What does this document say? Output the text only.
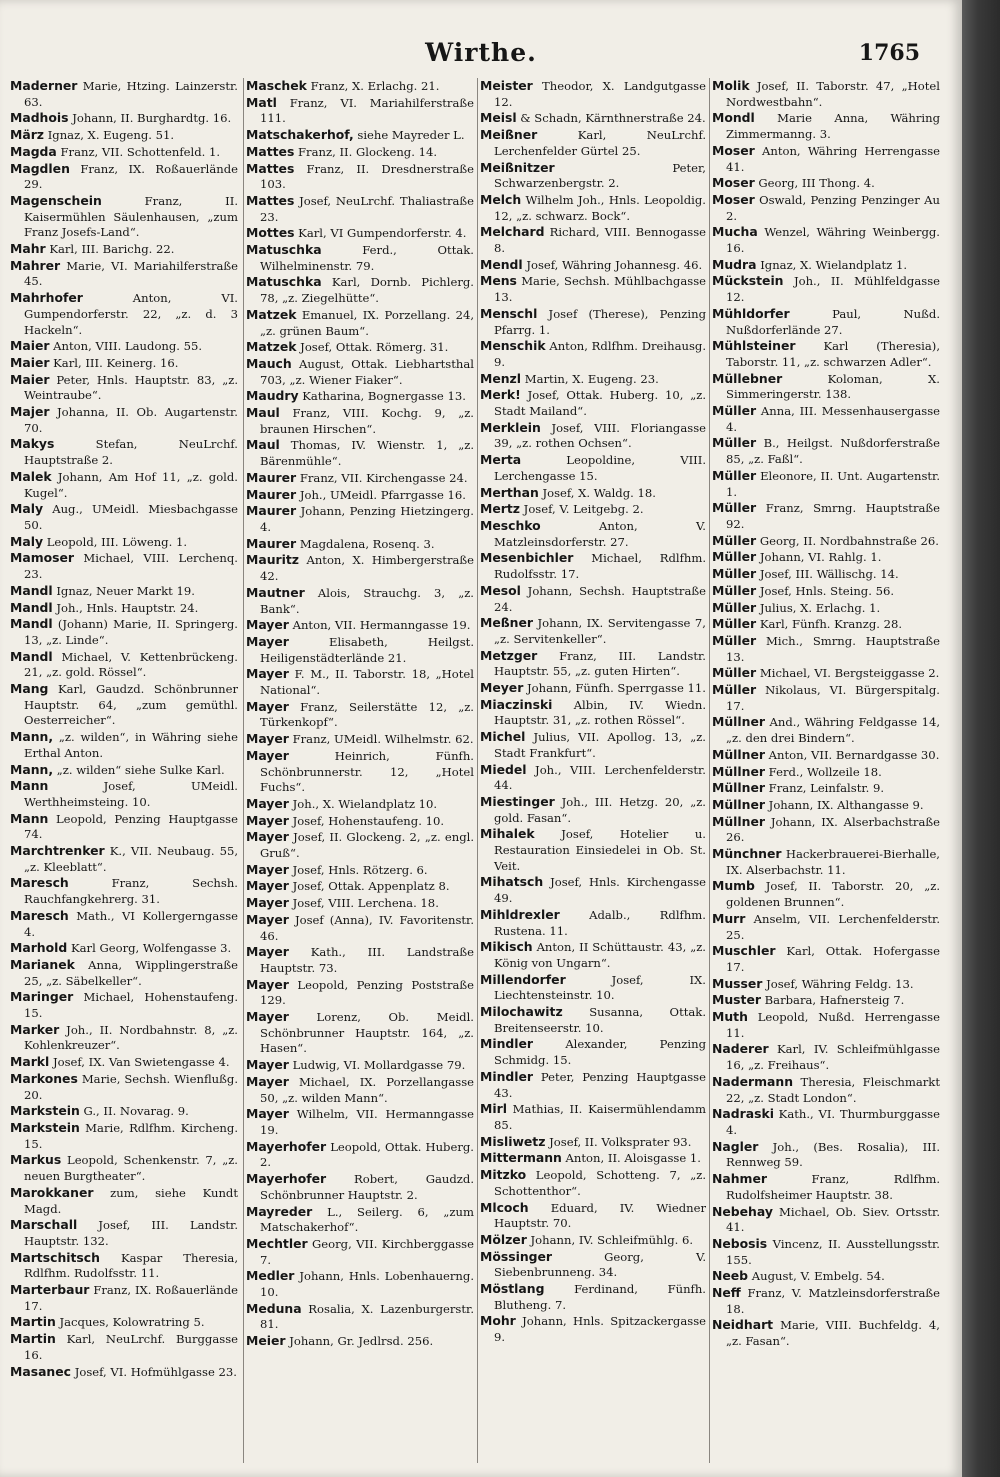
Wirthe.	1765

Maderner Marie, Htzing. Lainzerstr. 63.

Madhois Johann, II. Burghardtg. 16.

März Ignaz, X. Eugeng. 51.

Magda Franz, VII. Schottenfeld. 1.

Magdlen Franz, IX. Roßauerlände 29.

Magenschein	Franz, II. Kaisermühlen Säulenhausen, „zum Franz Josefs-Land“.

Mahr Karl, III. Barichg. 22.

Mahrer Marie, VI. Mariahilferstraße 45.

Mahrhofer	Anton, VI. Gumpendorferstr. 22, „z. d. 3 Hackeln“.

Maier Anton, VIII. Laudong. 55.

Maier Karl, III. Keinerg. 16.

Maier Peter, Hnls. Hauptstr. 83, „z. Weintraube“.

Majer Johanna, II. Ob. Augartenstr. 70.

Makys	Stefan, NeuLrchf. Hauptstraße 2.

Malek Johann, Am Hof 11, „z. gold. Kugel“.

Maly Aug., UMeidl. Miesbachgasse 50.

Maly Leopold, III. Löweng. 1.

Mamoser Michael, VIII. Lerchenq. 23.

Mandl Ignaz, Neuer Markt 19.

Mandl Joh., Hnls. Hauptstr. 24.

Mandl (Johann) Marie, II. Springerg. 13, „z. Linde“.

Mandl Michael, V. Kettenbrückeng. 21, „z. gold. Rössel“.

Mang Karl, Gaudzd. Schönbrunner Hauptstr. 64, „zum gemüthl. Oesterreicher“.

Mann, „z. wilden“, in Währing siehe Erthal Anton.

Mann, „z. wilden“ siehe Sulke Karl.

Mann	Josef, UMeidl. Werthheimsteing. 10.

Mann Leopold, Penzing Hauptgasse 74.

Marchtrenker K., VII. Neubaug. 55, „z. Kleeblatt“.

Maresch	Franz, Sechsh. Rauchfangkehrerg. 31.

Maresch Math., VI Kollergerngasse 4.

Marhold Karl Georg, Wolfengasse 3.

Marianek Anna, Wipplingerstraße 25, „z. Säbelkeller“.

Maringer Michael, Hohenstaufeng. 15.

Marker Joh., II. Nordbahnstr. 8, „z. Kohlenkreuzer“.

Markl Josef, IX. Van Swietengasse 4.

Markones Marie, Sechsh. Wienflußg. 20.

Markstein G., II. Novarag. 9.

Markstein Marie, Rdlfhm. Kircheng. 15.

Markus Leopold, Schenkenstr. 7, „z. neuen Burgtheater“.

Marokkaner zum, siehe Kundt Magd.

Marschall Josef, III. Landstr. Hauptstr. 132.

Martschitsch Kaspar Theresia, Rdlfhm. Rudolfsstr. 11.

Marterbaur Franz, IX. Roßauerlände 17.

Martin Jacques, Kolowratring 5.

Martin Karl, NeuLrchf. Burggasse 16.

Masanec Josef, VI. Hofmühlgasse 23.

Maschek Franz, X. Erlachg. 21.

Matl Franz, VI. Mariahilferstraße 111.

Matschakerhof, siehe Mayreder L.

Mattes Franz, II. Glockeng. 14.

Mattes Franz, II. Dresdnerstraße 103.

Mattes Josef, NeuLrchf. Thaliastraße 23.

Mottes Karl, VI Gumpendorferstr. 4.

Matuschka	Ferd., Ottak. Wilhelminenstr. 79.

Matuschka Karl, Dornb. Pichlerg. 78, „z. Ziegelhütte“.

Matzek Emanuel, IX. Porzellang. 24, „z. grünen Baum“.

Matzek Josef, Ottak. Römerg. 31.

Mauch August, Ottak. Liebhartsthal 703, „z. Wiener Fiaker“.

Maudry Katharina, Bognergasse 13.

Maul Franz, VIII. Kochg. 9, „z. braunen Hirschen“.

Maul Thomas, IV. Wienstr. 1, „z. Bärenmühle“.

Maurer Franz, VII. Kirchengasse 24.

Maurer Joh., UMeidl. Pfarrgasse 16.

Maurer Johann, Penzing Hietzingerg. 4.

Maurer Magdalena, Rosenq. 3.

Mauritz Anton, X. Himbergerstraße 42.

Mautner Alois, Strauchg. 3, „z. Bank“.

Mayer Anton, VII. Hermanngasse 19.

Mayer	Elisabeth, Heilgst. Heiligenstädterlände 21.

Mayer F. M., II. Taborstr. 18, „Hotel National“.

Mayer Franz, Seilerstätte 12, „z. Türkenkopf“.

Mayer Franz, UMeidl. Wilhelmstr. 62.

Mayer	Heinrich, Fünfh. Schönbrunnerstr. 12, „Hotel Fuchs“.

Mayer Joh., X. Wielandplatz 10.

Mayer Josef, Hohenstaufeng. 10.

Mayer Josef, II. Glockeng. 2, „z. engl. Gruß“.

Mayer Josef, Hnls. Rötzerg. 6.

Mayer Josef, Ottak. Appenplatz 8.

Mayer Josef, VIII. Lerchena. 18.

Mayer Josef (Anna), IV. Favoritenstr. 46.

Mayer Kath., III. Landstraße Hauptstr. 73.

Mayer Leopold, Penzing Poststraße 129.

Mayer Lorenz, Ob. Meidl. Schönbrunner Hauptstr. 164, „z. Hasen“.

Mayer Ludwig, VI. Mollardgasse 79.

Mayer Michael, IX. Porzellangasse 50, „z. wilden Mann“.

Mayer Wilhelm, VII. Hermanngasse 19.

Mayerhofer Leopold, Ottak. Huberg. 2.

Mayerhofer Robert, Gaudzd. Schönbrunner Hauptstr. 2.

Mayreder L., Seilerg. 6, „zum Matschakerhof“.

Mechtler Georg, VII. Kirchberggasse 7.

Medler Johann, Hnls. Lobenhauerng. 10.

Meduna Rosalia, X. Lazenburgerstr. 81.

Meier Johann, Gr. Jedlrsd. 256.

Meister Theodor, X. Landgutgasse 12.

Meisl & Schadn, Kärnthnerstraße 24.

Meißner	Karl, NeuLrchf. Lerchenfelder Gürtel 25.

Meißnitzer	Peter, Schwarzenbergstr. 2.

Melch Wilhelm Joh., Hnls. Leopoldig. 12, „z. schwarz. Bock“.

Melchard Richard, VIII. Bennogasse 8.

Mendl Josef, Währing Johannesg. 46.

Mens Marie, Sechsh. Mühlbachgasse 13.

Menschl Josef (Therese), Penzing Pfarrg. 1.

Menschik Anton, Rdlfhm. Dreihausg. 9.

Menzl Martin, X. Eugeng. 23.

Merk! Josef, Ottak. Huberg. 10, „z. Stadt Mailand“.

Merklein Josef, VIII. Floriangasse 39, „z. rothen Ochsen“.

Merta	Leopoldine, VIII. Lerchengasse 15.

Merthan Josef, X. Waldg. 18.

Mertz Josef, V. Leitgebg. 2.

Meschko	Anton, V. Matzleinsdorferstr. 27.

Mesenbichler Michael, Rdlfhm. Rudolfsstr. 17.

Mesol Johann, Sechsh. Hauptstraße 24.

Meßner Johann, IX. Servitengasse 7, „z. Servitenkeller“.

Metzger Franz, III. Landstr. Hauptstr. 55, „z. guten Hirten“.

Meyer Johann, Fünfh. Sperrgasse 11.

Miaczinski Albin, IV. Wiedn. Hauptstr. 31, „z. rothen Rössel“.

Michel Julius, VII. Apollog. 13, „z. Stadt Frankfurt“.

Miedel Joh., VIII. Lerchenfelderstr. 44.

Miestinger Joh., III. Hetzg. 20, „z. gold. Fasan“.

Mihalek Josef, Hotelier u. Restauration Einsiedelei in Ob. St. Veit.

Mihatsch Josef, Hnls. Kirchengasse 49.

Mihldrexler	Adalb., Rdlfhm. Rustena. 11.

Mikisch Anton, II Schüttaustr. 43, „z. König von Ungarn“.

Millendorfer	Josef, IX. Liechtensteinstr. 10.

Milochawitz Susanna, Ottak. Breitenseerstr. 10.

Mindler	Alexander, Penzing Schmidg. 15.

Mindler Peter, Penzing Hauptgasse 43.

Mirl Mathias, II. Kaisermühlendamm 85.

Misliwetz Josef, II. Volksprater 93.

Mittermann Anton, II. Aloisgasse 1.

Mitzko Leopold, Schotteng. 7, „z. Schottenthor“.

Mlcoch Eduard, IV. Wiedner Hauptstr. 70.

Mölzer Johann, IV. Schleifmühlg. 6.

Mössinger	Georg, V. Siebenbrunneng. 34.

Möstlang	Ferdinand, Fünfh. Blutheng. 7.

Mohr Johann, Hnls. Spitzackergasse 9.

Molik Josef, II. Taborstr. 47, „Hotel Nordwestbahn“.

Mondl Marie Anna, Währing Zimmermanng. 3.

Moser Anton, Währing Herrengasse 41.

Moser Georg, III Thong. 4.

Moser Oswald, Penzing Penzinger Au 2.

Mucha Wenzel, Währing Weinbergg. 16.

Mudra Ignaz, X. Wielandplatz 1.

Mückstein Joh., II. Mühlfeldgasse 12.

Mühldorfer	Paul, Nußd. Nußdorferlände 27.

Mühlsteiner Karl (Theresia), Taborstr. 11, „z. schwarzen Adler“.

Müllebner	Koloman, X. Simmeringerstr. 138.

Müller Anna, III. Messenhausergasse 4.

Müller B., Heilgst. Nußdorferstraße 85, „z. Faßl“.

Müller Eleonore, II. Unt. Augartenstr. 1.

Müller Franz, Smrng. Hauptstraße 92.

Müller Georg, II. Nordbahnstraße 26.

Müller Johann, VI. Rahlg. 1.

Müller Josef, III. Wällischg. 14.

Müller Josef, Hnls. Steing. 56.

Müller Julius, X. Erlachg. 1.

Müller Karl, Fünfh. Kranzg. 28.

Müller Mich., Smrng. Hauptstraße 13.

Müller Michael, VI. Bergsteiggasse 2.

Müller Nikolaus, VI. Bürgerspitalg. 17.

Müllner And., Währing Feldgasse 14, „z. den drei Bindern“.

Müllner Anton, VII. Bernardgasse 30.

Müllner Ferd., Wollzeile 18.

Müllner Franz, Leinfalstr. 9.

Müllner Johann, IX. Althangasse 9.

Müllner Johann, IX. Alserbachstraße 26.

Münchner Hackerbrauerei-Bierhalle, IX. Alserbachstr. 11.

Mumb Josef, II. Taborstr. 20, „z. goldenen Brunnen“.

Murr Anselm, VII. Lerchenfelderstr. 25.

Muschler Karl, Ottak. Hofergasse 17.

Musser Josef, Währing Feldg. 13.

Muster Barbara, Hafnersteig 7.

Muth Leopold, Nußd. Herrengasse 11.

Naderer Karl, IV. Schleifmühlgasse 16, „z. Freihaus“.

Nadermann Theresia, Fleischmarkt 22, „z. Stadt London“.

Nadraski Kath., VI. Thurmburggasse 4.

Nagler Joh., (Bes. Rosalia), III. Rennweg 59.

Nahmer	Franz, Rdlfhm. Rudolfsheimer Hauptstr. 38.

Nebehay Michael, Ob. Siev. Ortsstr. 41.

Nebosis Vincenz, II. Ausstellungsstr. 155.

Neeb August, V. Embelg. 54.

Neff Franz, V. Matzleinsdorferstraße 18.

Neidhart Marie, VIII. Buchfeldg. 4, „z. Fasan“.
